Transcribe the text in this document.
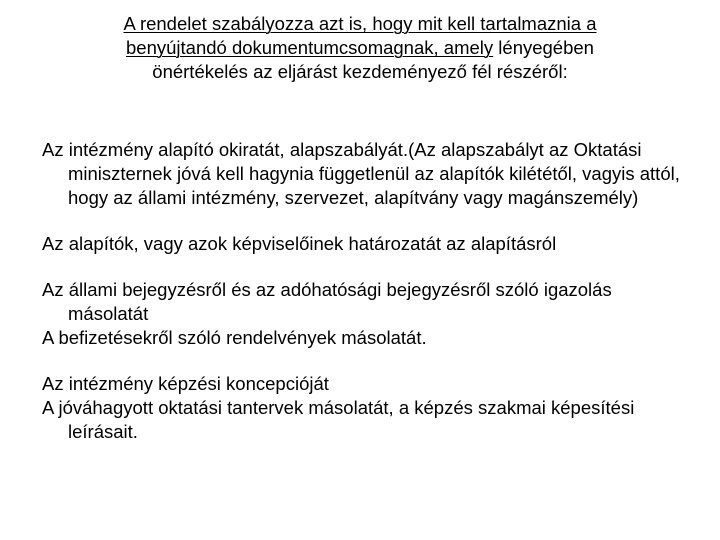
A rendelet szabályozza azt is, hogy mit kell tartalmaznia a
benyújtandó dokumentumcsomagnak, amely lényegében
önértékelés az eljárást kezdeményező fél részéről:

Az intézmény alapító okiratát, alapszabályát.(Az alapszabályt az Oktatási miniszternek jóvá kell hagynia függetlenül az alapítók kilététől, vagyis attól, hogy az állami intézmény, szervezet, alapítvány vagy magánszemély)

Az alapítók, vagy azok képviselőinek határozatát az alapításról

Az állami bejegyzésről és az adóhatósági bejegyzésről szóló igazolás másolatát

A befizetésekről szóló rendelvények másolatát.

Az intézmény képzési koncepcióját

A jóváhagyott oktatási tantervek másolatát, a képzés szakmai képesítési leírásait.
